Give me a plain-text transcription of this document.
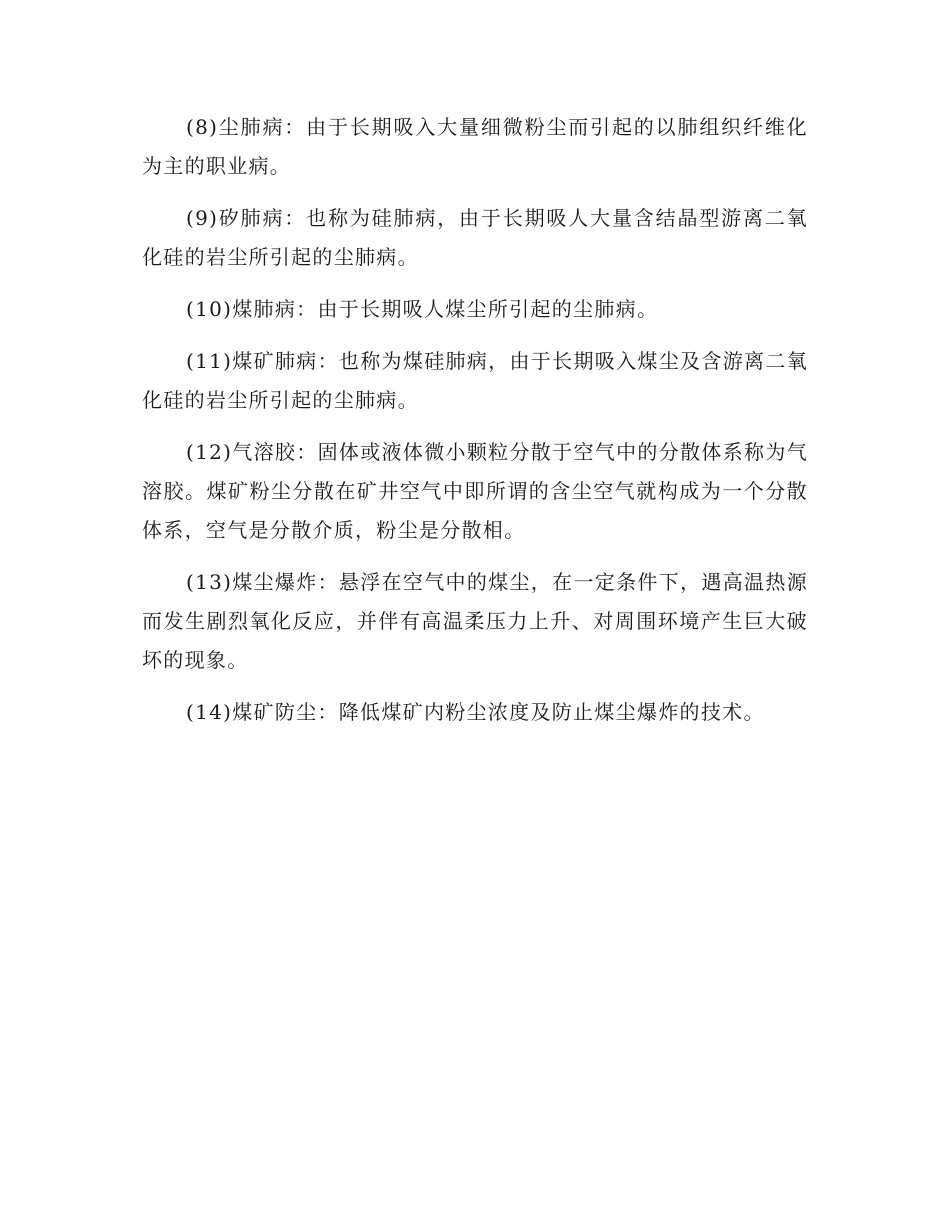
(8)尘肺病：由于长期吸入大量细微粉尘而引起的以肺组织纤维化为主的职业病。

(9)矽肺病：也称为硅肺病，由于长期吸人大量含结晶型游离二氧化硅的岩尘所引起的尘肺病。

(10)煤肺病：由于长期吸人煤尘所引起的尘肺病。

(11)煤矿肺病：也称为煤硅肺病，由于长期吸入煤尘及含游离二氧化硅的岩尘所引起的尘肺病。

(12)气溶胶：固体或液体微小颗粒分散于空气中的分散体系称为气溶胶。煤矿粉尘分散在矿井空气中即所谓的含尘空气就构成为一个分散体系，空气是分散介质，粉尘是分散相。

(13)煤尘爆炸：悬浮在空气中的煤尘，在一定条件下，遇高温热源而发生剧烈氧化反应，并伴有高温柔压力上升、对周围环境产生巨大破坏的现象。

(14)煤矿防尘：降低煤矿内粉尘浓度及防止煤尘爆炸的技术。
